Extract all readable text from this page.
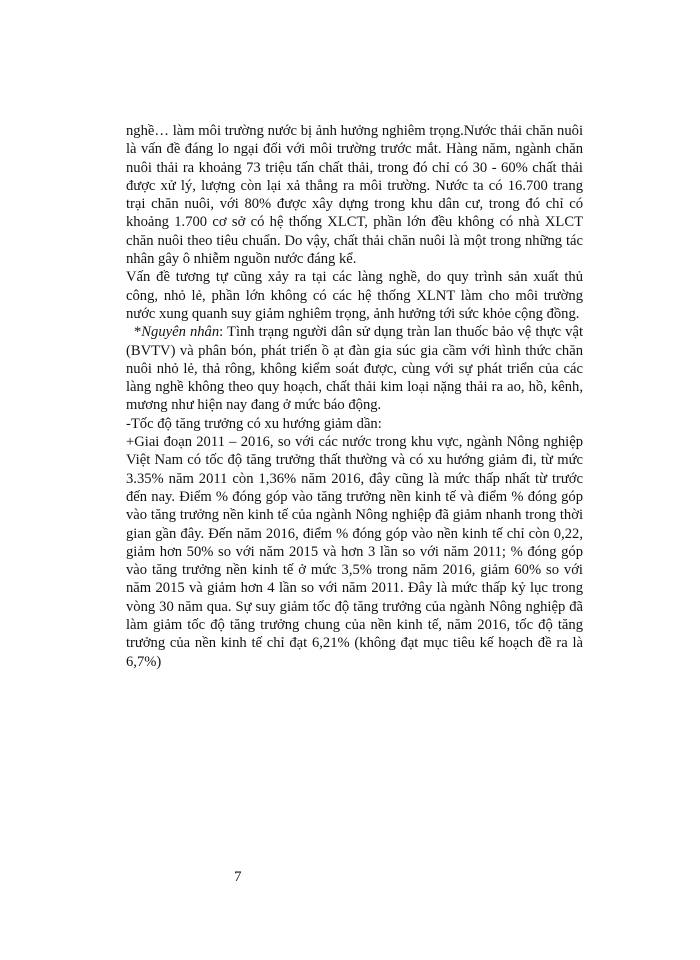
nghề… làm môi trường nước bị ảnh hưởng nghiêm trọng.Nước thải chăn nuôi là vấn đề đáng lo ngại đối với môi trường trước mắt. Hàng năm, ngành chăn nuôi thải ra khoảng 73 triệu tấn chất thải, trong đó chỉ có 30 - 60% chất thải được xử lý, lượng còn lại xả thẳng ra môi trường. Nước ta có 16.700 trang trại chăn nuôi, với 80% được xây dựng trong khu dân cư, trong đó chỉ có khoảng 1.700 cơ sở có hệ thống XLCT, phần lớn đều không có nhà XLCT chăn nuôi theo tiêu chuẩn. Do vậy, chất thải chăn nuôi là một trong những tác nhân gây ô nhiễm nguồn nước đáng kể.

Vấn đề tương tự cũng xảy ra tại các làng nghề, do quy trình sản xuất thủ công, nhỏ lẻ, phần lớn không có các hệ thống XLNT làm cho môi trường nước xung quanh suy giảm nghiêm trọng, ảnh hưởng tới sức khỏe cộng đồng.

*Nguyên nhân: Tình trạng người dân sử dụng tràn lan thuốc bảo vệ thực vật (BVTV) và phân bón, phát triển ồ ạt đàn gia súc gia cầm với hình thức chăn nuôi nhỏ lẻ, thả rông, không kiểm soát được, cùng với sự phát triển của các làng nghề không theo quy hoạch, chất thải kim loại nặng thải ra ao, hồ, kênh, mương như hiện nay đang ở mức báo động.

-Tốc độ tăng trưởng có xu hướng giảm dần:

+Giai đoạn 2011 – 2016, so với các nước trong khu vực, ngành Nông nghiệp Việt Nam có tốc độ tăng trưởng thất thường và có xu hướng giảm đi, từ mức 3.35% năm 2011 còn 1,36% năm 2016, đây cũng là mức thấp nhất từ trước đến nay. Điểm % đóng góp vào tăng trưởng nền kinh tế và điểm % đóng góp vào tăng trưởng nền kinh tế của ngành Nông nghiệp đã giảm nhanh trong thời gian gần đây. Đến năm 2016, điểm % đóng góp vào nền kinh tế chỉ còn 0,22, giảm hơn 50% so với năm 2015 và hơn 3 lần so với năm 2011; % đóng góp vào tăng trưởng nền kinh tế ở mức 3,5% trong năm 2016, giảm 60% so với năm 2015 và giảm hơn 4 lần so với năm 2011. Đây là mức thấp kỷ lục trong vòng 30 năm qua. Sự suy giảm tốc độ tăng trưởng của ngành Nông nghiệp đã làm giảm tốc độ tăng trưởng chung của nền kinh tế, năm 2016, tốc độ tăng trưởng của nền kinh tế chỉ đạt 6,21% (không đạt mục tiêu kế hoạch đề ra là 6,7%)

7
